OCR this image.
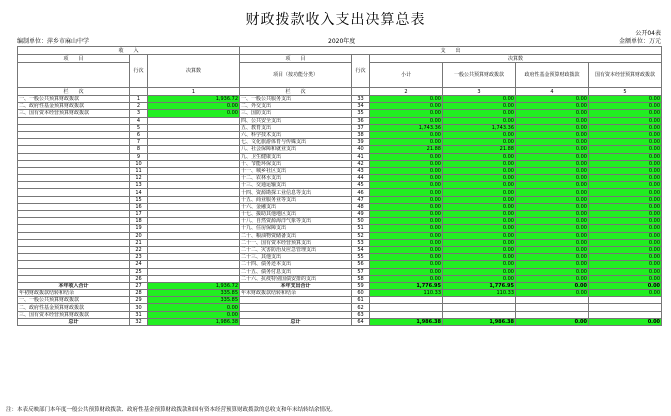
财政拨款收入支出决算总表
公开04表
编制单位：萍乡市麻山中学	2020年度	金额单位：万元
收　　入			支　　出					
项　　目	行次	决算数	项　　目	行次	决算数			
			项目（按功能分类）		小计	一般公共预算财政拨款	政府性基金预算财政拨款	国有资本经营预算财政拨款
栏　　次		1	栏　　次		2	3	4	5
一、一般公共预算财政拨款	1	1,936.72	一、一般公共服务支出	33	0.00	0.00	0.00	0.00
二、政府性基金预算财政拨款	2	0.00	二、外交支出	34	0.00	0.00	0.00	0.00
三、国有资本经营预算财政拨款	3	0.00	三、国防支出	35	0.00	0.00	0.00	0.00
	4		四、公共安全支出	36	0.00	0.00	0.00	0.00
	5		五、教育支出	37	1,743.36	1,743.36	0.00	0.00
	6		六、科学技术支出	38	0.00	0.00	0.00	0.00
	7		七、文化旅游体育与传媒支出	39	0.00	0.00	0.00	0.00
	8		八、社会保障和就业支出	40	21.88	21.88	0.00	0.00
	9		九、卫生健康支出	41	0.00	0.00	0.00	0.00
	10		十、节能环保支出	42	0.00	0.00	0.00	0.00
	11		十一、城乡社区支出	43	0.00	0.00	0.00	0.00
	12		十二、农林水支出	44	0.00	0.00	0.00	0.00
	13		十三、交通运输支出	45	0.00	0.00	0.00	0.00
	14		十四、资源勘探工业信息等支出	46	0.00	0.00	0.00	0.00
	15		十五、商业服务业等支出	47	0.00	0.00	0.00	0.00
	16		十六、金融支出	48	0.00	0.00	0.00	0.00
	17		十七、援助其他地区支出	49	0.00	0.00	0.00	0.00
	18		十八、自然资源海洋气象等支出	50	0.00	0.00	0.00	0.00
	19		十九、住房保障支出	51	0.00	0.00	0.00	0.00
	20		二十、粮油物资储备支出	52	0.00	0.00	0.00	0.00
	21		二十一、国有资本经营预算支出	53	0.00	0.00	0.00	0.00
	22		二十二、灾害防治及应急管理支出	54	0.00	0.00	0.00	0.00
	23		二十三、其他支出	55	0.00	0.00	0.00	0.00
	24		二十四、债务还本支出	56	0.00	0.00	0.00	0.00
	25		二十五、债务付息支出	57	0.00	0.00	0.00	0.00
	26		二十六、抗疫特别国债安排的支出	58	0.00	0.00	0.00	0.00
本年收入合计	27	1,936.72	本年支出合计	59	1,776.95	1,776.95	0.00	0.00
年初财政拨款结转和结余	28	335.85	年末财政拨款结转和结余	60	110.33	110.33	0.00	0.00
一、一般公共预算财政拨款	29	335.85		61				
二、政府性基金预算财政拨款	30	0.00		62				
三、国有资本经营预算财政拨款	31	0.00		63				
总计	32	1,986.38	总计	64	1,986.38	1,986.38	0.00	0.00
注：本表反映部门本年度一般公共预算财政拨款、政府性基金预算财政拨款和国有资本经营预算财政拨款的总收支和年末结转结余情况。
